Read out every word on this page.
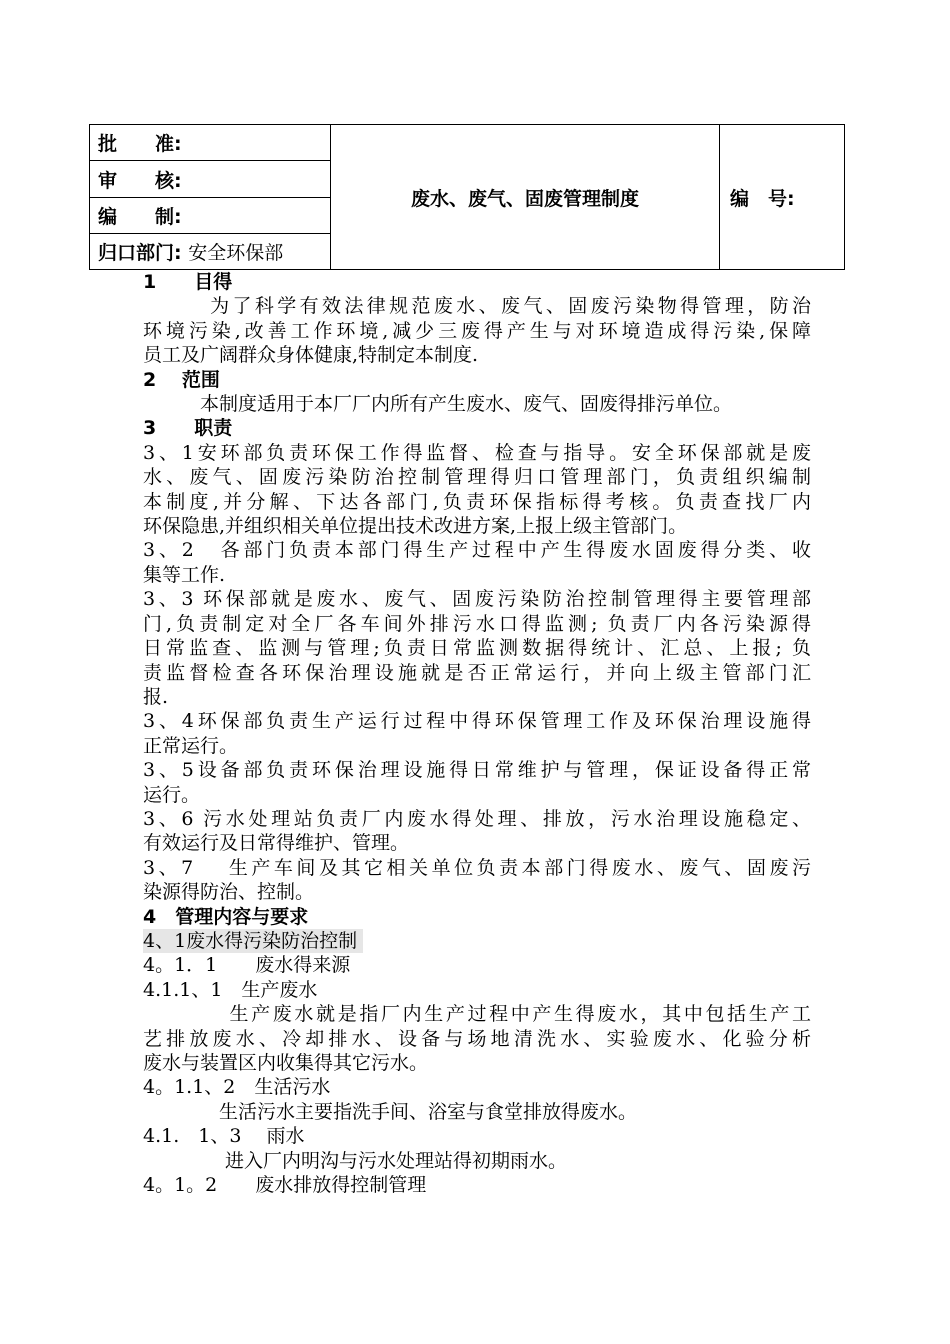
批　　准:	废水、废气、固废管理制度	编　号:
审　　核:
编　　制:
归口部门: 安全环保部
1　　目得
　　　为了科学有效法律规范废水、废气、固废污染物得管理，防治
环境污染,改善工作环境,减少三废得产生与对环境造成得污染,保障
员工及广阔群众身体健康,特制定本制度.
2　 范围
　　　本制度适用于本厂厂内所有产生废水、废气、固废得排污单位。
3　　职责
3、1安环部负责环保工作得监督、检查与指导。安全环保部就是废
水、废气、固废污染防治控制管理得归口管理部门，负责组织编制
本制度,并分解、下达各部门,负责环保指标得考核。负责查找厂内
环保隐患,并组织相关单位提出技术改进方案,上报上级主管部门。
3、2　各部门负责本部门得生产过程中产生得废水固废得分类、收
集等工作.
3、3 环保部就是废水、废气、固废污染防治控制管理得主要管理部
门,负责制定对全厂各车间外排污水口得监测; 负责厂内各污染源得
日常监查、监测与管理;负责日常监测数据得统计、汇总、上报; 负
责监督检查各环保治理设施就是否正常运行，并向上级主管部门汇
报.
3、4环保部负责生产运行过程中得环保管理工作及环保治理设施得
正常运行。
3、5设备部负责环保治理设施得日常维护与管理，保证设备得正常
运行。
3、6 污水处理站负责厂内废水得处理、排放，污水治理设施稳定、
有效运行及日常得维护、管理。
3、7　 生产车间及其它相关单位负责本部门得废水、废气、固废污
染源得防治、控制。
4　管理内容与要求
4、1废水得污染防治控制
4。1．1　　废水得来源
4.1.1、1　生产废水
　　　　生产废水就是指厂内生产过程中产生得废水，其中包括生产工
艺排放废水、冷却排水、设备与场地清洗水、实验废水、化验分析
废水与装置区内收集得其它污水。
4。1.1、2　生活污水
　　　　生活污水主要指洗手间、浴室与食堂排放得废水。
4.1.　1、3　 雨水
　　　　 进入厂内明沟与污水处理站得初期雨水。
4。1。2　　废水排放得控制管理
